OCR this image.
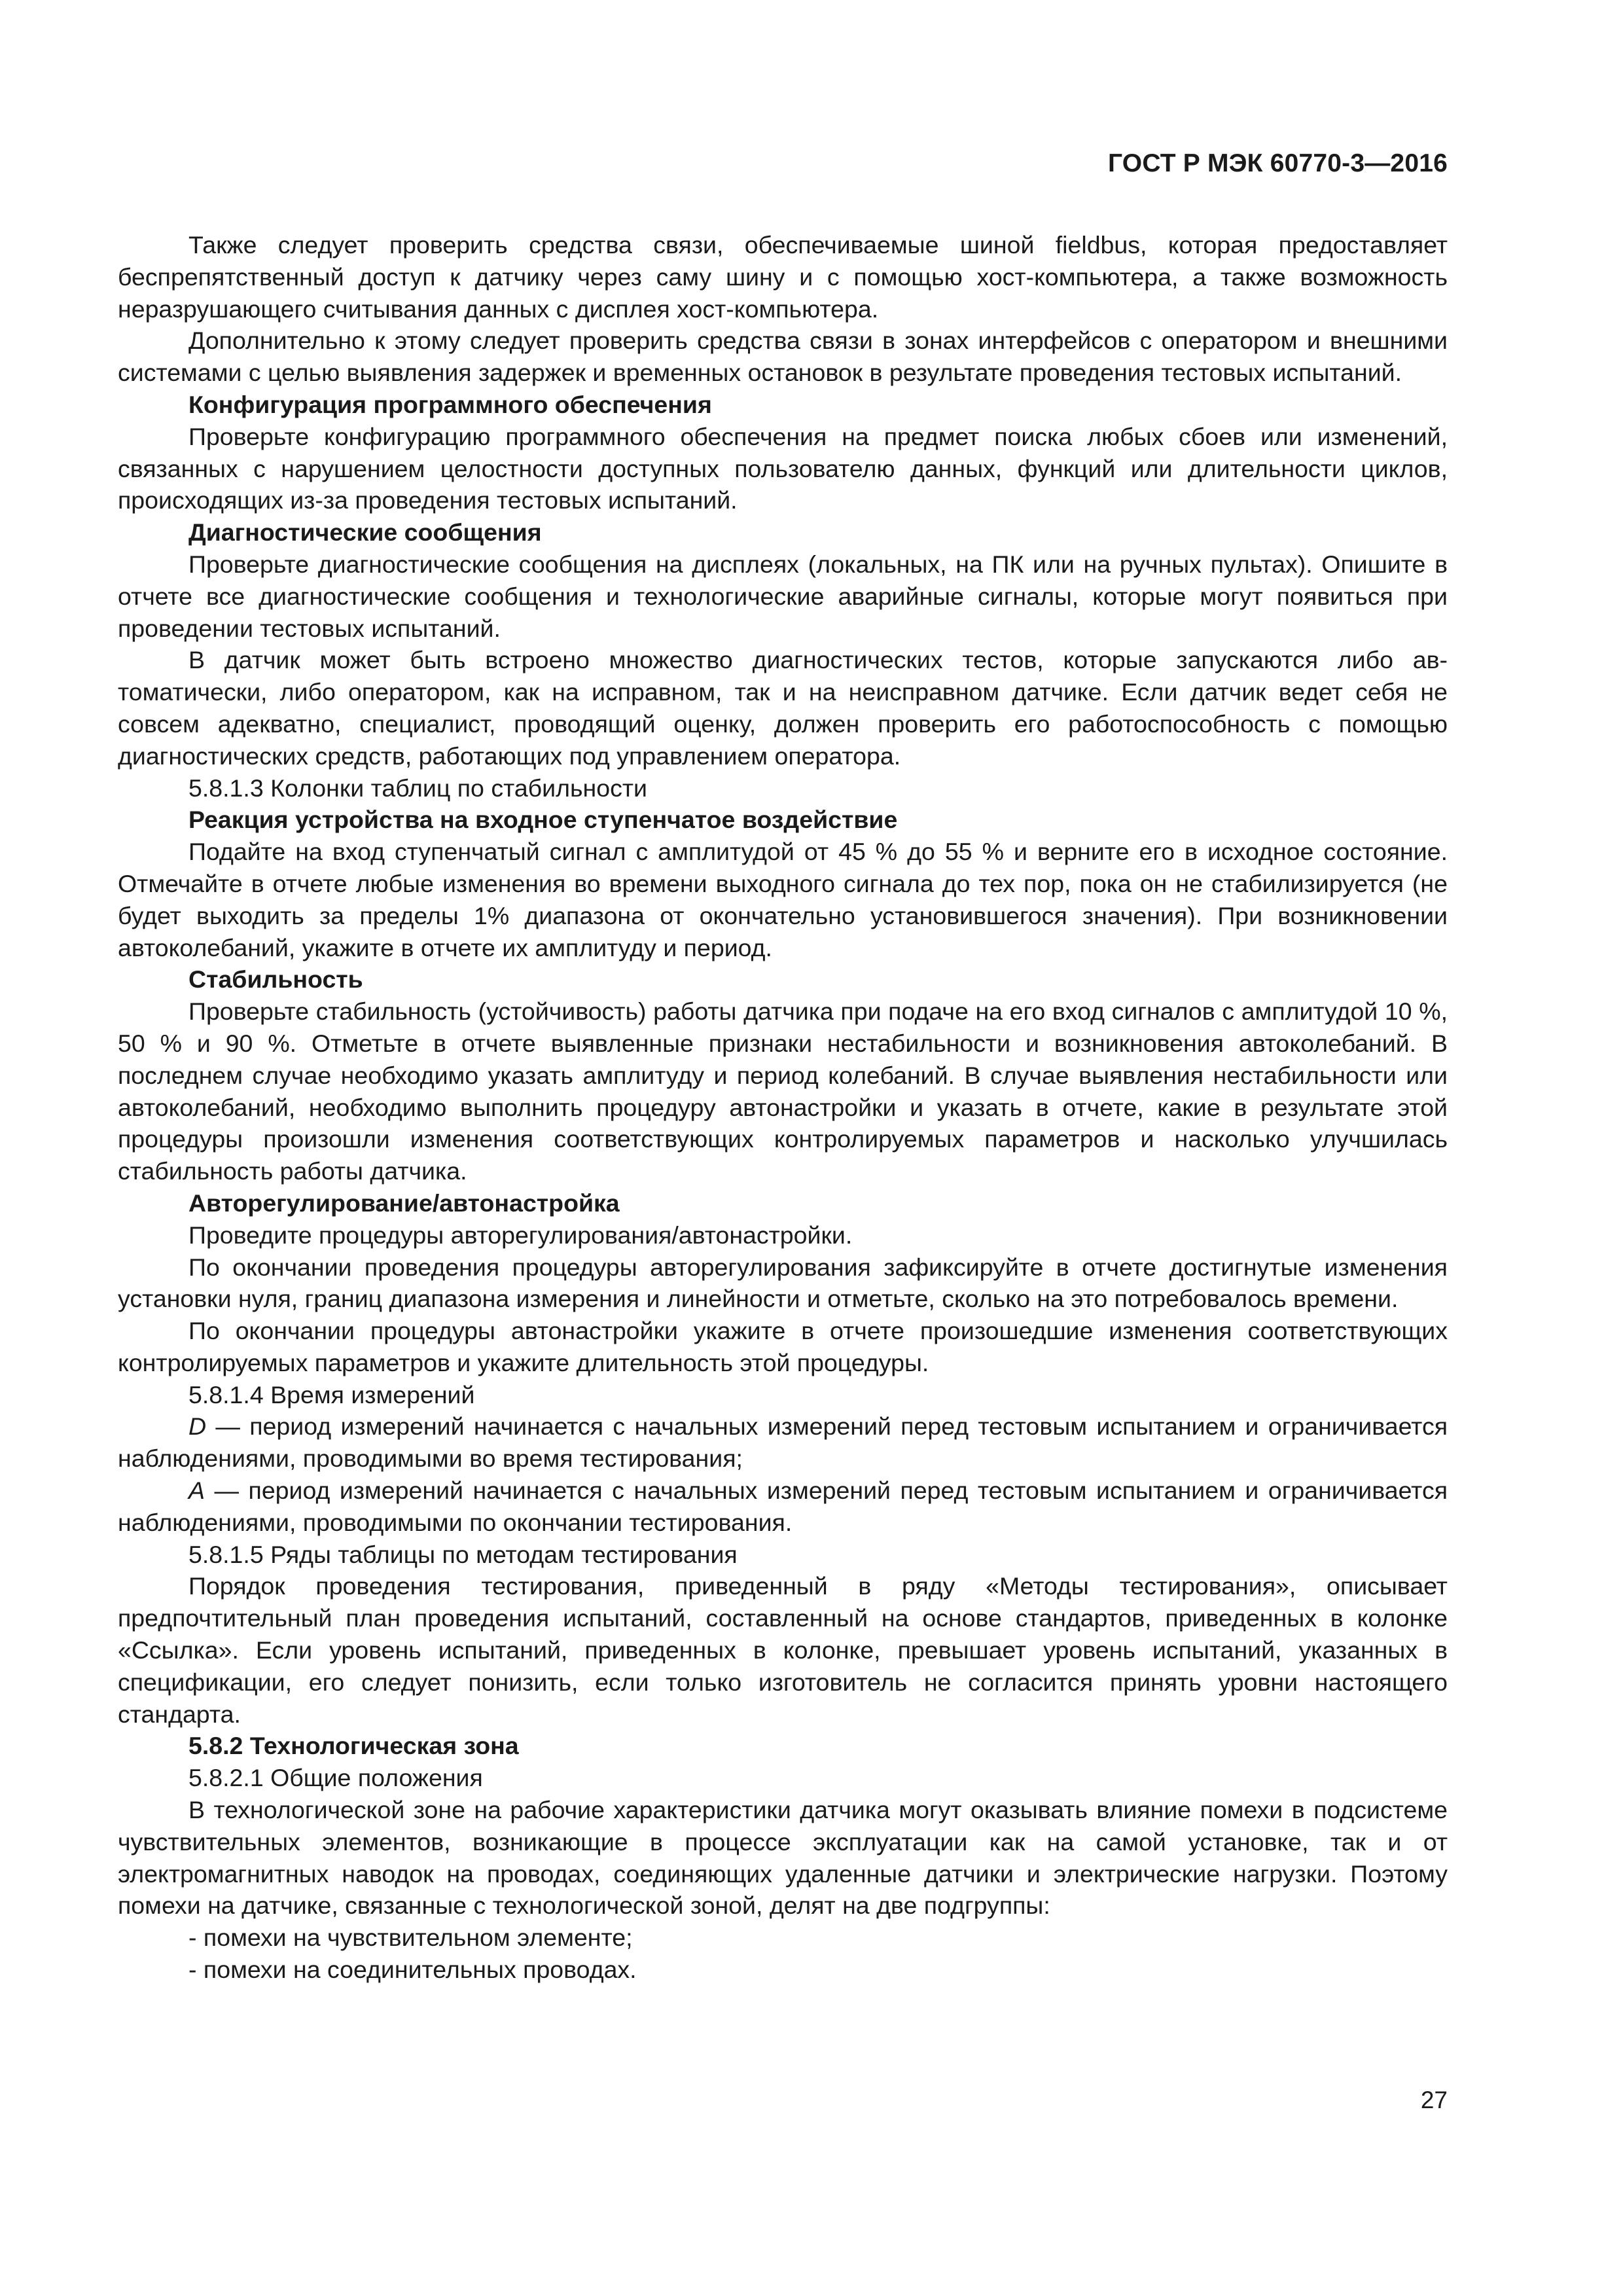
ГОСТ Р МЭК 60770-3—2016

Также следует проверить средства связи, обеспечиваемые шиной fieldbus, которая предоставляет беспрепятственный доступ к датчику через саму шину и с помощью хост-компьютера, а также возможность неразрушающего считывания данных с дисплея хост-компьютера.

Дополнительно к этому следует проверить средства связи в зонах интерфейсов с оператором и внешними системами с целью выявления задержек и временных остановок в результате проведения тестовых испытаний.

Конфигурация программного обеспечения

Проверьте конфигурацию программного обеспечения на предмет поиска любых сбоев или изменений, связанных с нарушением целостности доступных пользователю данных, функций или длительности циклов, происходящих из-за проведения тестовых испытаний.

Диагностические сообщения

Проверьте диагностические сообщения на дисплеях (локальных, на ПК или на ручных пультах). Опишите в отчете все диагностические сообщения и технологические аварийные сигналы, которые могут появиться при проведении тестовых испытаний.

В датчик может быть встроено множество диагностических тестов, которые запускаются либо автоматически, либо оператором, как на исправном, так и на неисправном датчике. Если датчик ведет себя не совсем адекватно, специалист, проводящий оценку, должен проверить его работоспособность с помощью диагностических средств, работающих под управлением оператора.

5.8.1.3 Колонки таблиц по стабильности

Реакция устройства на входное ступенчатое воздействие

Подайте на вход ступенчатый сигнал с амплитудой от 45 % до 55 % и верните его в исходное состояние. Отмечайте в отчете любые изменения во времени выходного сигнала до тех пор, пока он не стабилизируется (не будет выходить за пределы 1% диапазона от окончательно установившегося значения). При возникновении автоколебаний, укажите в отчете их амплитуду и период.

Стабильность

Проверьте стабильность (устойчивость) работы датчика при подаче на его вход сигналов с амплитудой 10 %, 50 % и 90 %. Отметьте в отчете выявленные признаки нестабильности и возникновения автоколебаний. В последнем случае необходимо указать амплитуду и период колебаний. В случае выявления нестабильности или автоколебаний, необходимо выполнить процедуру автонастройки и указать в отчете, какие в результате этой процедуры произошли изменения соответствующих контролируемых параметров и насколько улучшилась стабильность работы датчика.

Авторегулирование/автонастройка

Проведите процедуры авторегулирования/автонастройки.

По окончании проведения процедуры авторегулирования зафиксируйте в отчете достигнутые изменения установки нуля, границ диапазона измерения и линейности и отметьте, сколько на это потребовалось времени.

По окончании процедуры автонастройки укажите в отчете произошедшие изменения соответствующих контролируемых параметров и укажите длительность этой процедуры.

5.8.1.4 Время измерений

D — период измерений начинается с начальных измерений перед тестовым испытанием и ограничивается наблюдениями, проводимыми во время тестирования;

A — период измерений начинается с начальных измерений перед тестовым испытанием и ограничивается наблюдениями, проводимыми по окончании тестирования.

5.8.1.5 Ряды таблицы по методам тестирования

Порядок проведения тестирования, приведенный в ряду «Методы тестирования», описывает предпочтительный план проведения испытаний, составленный на основе стандартов, приведенных в колонке «Ссылка». Если уровень испытаний, приведенных в колонке, превышает уровень испытаний, указанных в спецификации, его следует понизить, если только изготовитель не согласится принять уровни настоящего стандарта.

5.8.2 Технологическая зона

5.8.2.1 Общие положения

В технологической зоне на рабочие характеристики датчика могут оказывать влияние помехи в подсистеме чувствительных элементов, возникающие в процессе эксплуатации как на самой установке, так и от электромагнитных наводок на проводах, соединяющих удаленные датчики и электрические нагрузки. Поэтому помехи на датчике, связанные с технологической зоной, делят на две подгруппы:

- помехи на чувствительном элементе;

- помехи на соединительных проводах.

27
